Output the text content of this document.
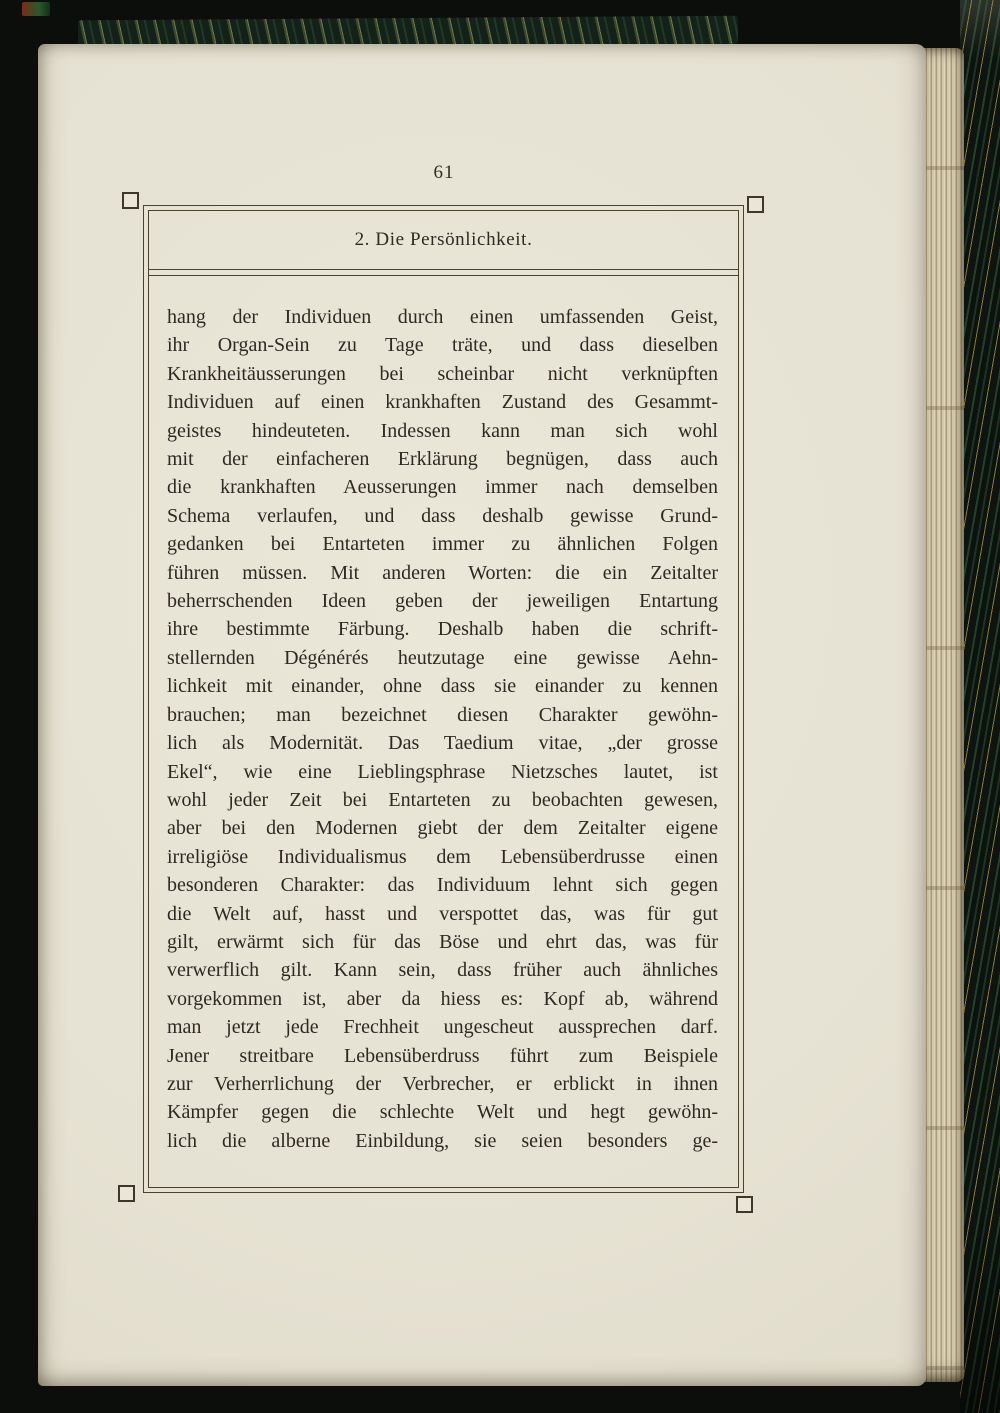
61
2. Die Persönlichkeit.
hang der Individuen durch einen umfassenden Geist,
ihr Organ-Sein zu Tage träte, und dass dieselben
Krankheitäusserungen bei scheinbar nicht verknüpften
Individuen auf einen krankhaften Zustand des Gesammt-
geistes hindeuteten. Indessen kann man sich wohl
mit der einfacheren Erklärung begnügen, dass auch
die krankhaften Aeusserungen immer nach demselben
Schema verlaufen, und dass deshalb gewisse Grund-
gedanken bei Entarteten immer zu ähnlichen Folgen
führen müssen. Mit anderen Worten: die ein Zeitalter
beherrschenden Ideen geben der jeweiligen Entartung
ihre bestimmte Färbung. Deshalb haben die schrift-
stellernden Dégénérés heutzutage eine gewisse Aehn-
lichkeit mit einander, ohne dass sie einander zu kennen
brauchen; man bezeichnet diesen Charakter gewöhn-
lich als Modernität. Das Taedium vitae, „der grosse
Ekel“, wie eine Lieblingsphrase Nietzsches lautet, ist
wohl jeder Zeit bei Entarteten zu beobachten gewesen,
aber bei den Modernen giebt der dem Zeitalter eigene
irreligiöse Individualismus dem Lebensüberdrusse einen
besonderen Charakter: das Individuum lehnt sich gegen
die Welt auf, hasst und verspottet das, was für gut
gilt, erwärmt sich für das Böse und ehrt das, was für
verwerflich gilt. Kann sein, dass früher auch ähnliches
vorgekommen ist, aber da hiess es: Kopf ab, während
man jetzt jede Frechheit ungescheut aussprechen darf.
Jener streitbare Lebensüberdruss führt zum Beispiele
zur Verherrlichung der Verbrecher, er erblickt in ihnen
Kämpfer gegen die schlechte Welt und hegt gewöhn-
lich die alberne Einbildung, sie seien besonders ge-
